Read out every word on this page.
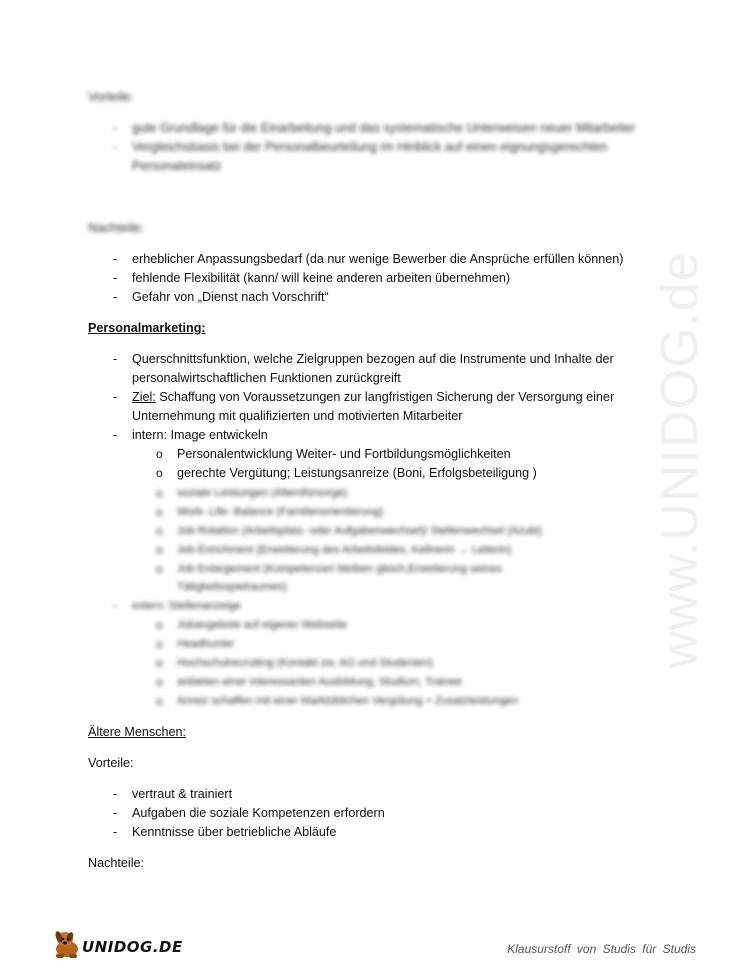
www.UNIDOG.de
Vorteile:
- gute Grundlage für die Einarbeitung und das systematische Unterweisen neuer Mitarbeiter
- Vergleichsbasis bei der Personalbeurteilung im Hinblick auf einen eignungsgerechten
Personaleinsatz
Nachteile:
- erheblicher Anpassungsbedarf (da nur wenige Bewerber die Ansprüche erfüllen können)
- fehlende Flexibilität (kann/ will keine anderen arbeiten übernehmen)
- Gefahr von „Dienst nach Vorschrift“
Personalmarketing:
- Querschnittsfunktion, welche Zielgruppen bezogen auf die Instrumente und Inhalte der
personalwirtschaftlichen Funktionen zurückgreift
- Ziel: Schaffung von Voraussetzungen zur langfristigen Sicherung der Versorgung einer
Unternehmung mit qualifizierten und motivierten Mitarbeiter
- intern: Image entwickeln
o Personalentwicklung Weiter- und Fortbildungsmöglichkeiten
o gerechte Vergütung; Leistungsanreize (Boni, Erfolgsbeteiligung )
o soziale Leistungen (Altersfürsorge)
o Work- Life- Balance (Familienorientierung)
o Job Rotation (Arbeitsplatz- oder Aufgabenwechsel)/ Stellenwechsel (Azubi)
o Job Enrichment (Erweiterung des Arbeitsfeldes, Kellnerin → Leiterin)
o Job Enlargement (Kompetenzen bleiben gleich,Erweiterung seines
Tätigkeitsspielraumes)
- extern: Stellenanzeige
o Jobangebote auf eigener Webseite
o Headhunter
o Hochschulrecruiting (Kontakt zw. AG und Studenten)
o anbieten einer interessanten Ausbildung, Studium, Trainee
o Anreiz schaffen mit einer Marktüblichen Vergütung + Zusatzleistungen
Ältere Menschen:
Vorteile:
- vertraut & trainiert
- Aufgaben die soziale Kompetenzen erfordern
- Kenntnisse über betriebliche Abläufe
Nachteile:
UNIDOG.DE	Klausurstoff von Studis für Studis
